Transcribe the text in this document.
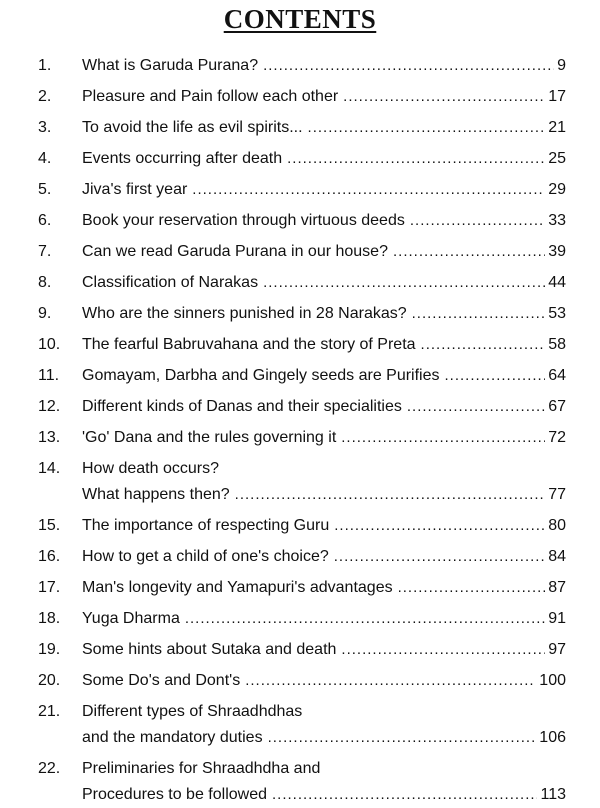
CONTENTS
1. What is Garuda Purana? .....	9
2. Pleasure and Pain follow each other .....	17
3. To avoid the life as evil spirits... .....	21
4. Events occurring after death .....	25
5. Jiva's first year .....	29
6. Book your reservation through virtuous deeds .....	33
7. Can we read Garuda Purana in our house? .....	39
8. Classification of Narakas .....	44
9. Who are the sinners punished in 28 Narakas? .....	53
10. The fearful Babruvahana and the story of Preta .....	58
11. Gomayam, Darbha and Gingely seeds are Purifies .....	64
12. Different kinds of Danas and their specialities .....	67
13. 'Go' Dana and the rules governing it .....	72
14. How death occurs?
What happens then? .....	77
15. The importance of respecting Guru .....	80
16. How to get a child of one's choice? .....	84
17. Man's longevity and Yamapuri's advantages .....	87
18. Yuga Dharma .....	91
19. Some hints about Sutaka and death .....	97
20. Some Do's and Dont's .....	100
21. Different types of Shraadhdhas
and the mandatory duties .....	106
22. Preliminaries for Shraadhdha and
Procedures to be followed .....	113
